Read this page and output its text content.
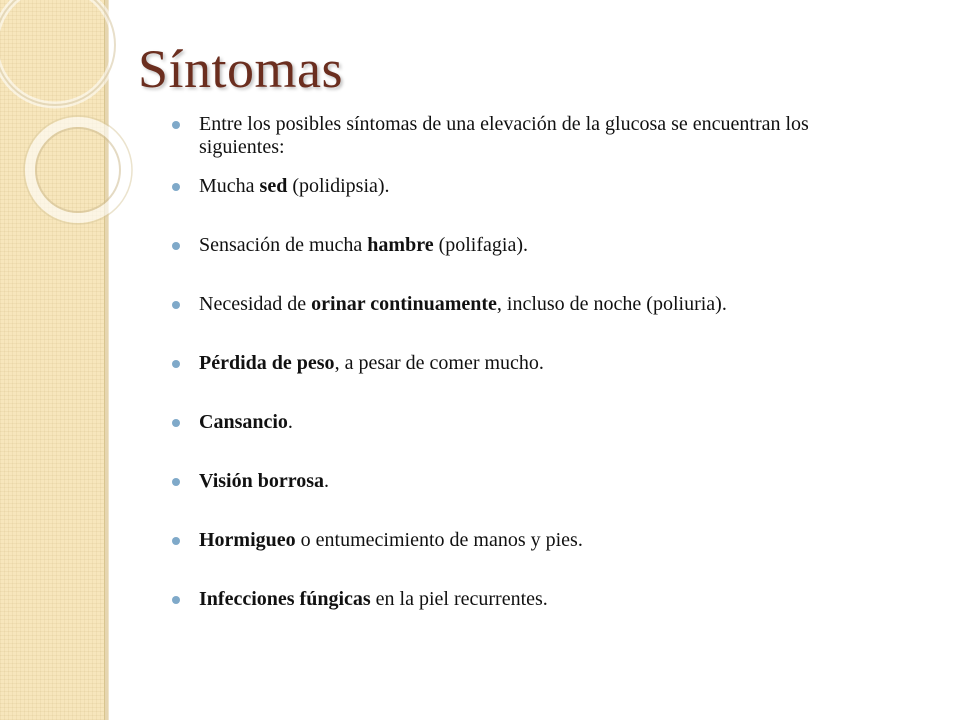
Síntomas
Entre los posibles síntomas de una elevación de la glucosa se encuentran los siguientes:
Mucha sed (polidipsia).
Sensación de mucha hambre (polifagia).
Necesidad de orinar continuamente, incluso de noche (poliuria).
Pérdida de peso, a pesar de comer mucho.
Cansancio.
Visión borrosa.
Hormigueo o entumecimiento de manos y pies.
Infecciones fúngicas en la piel recurrentes.
